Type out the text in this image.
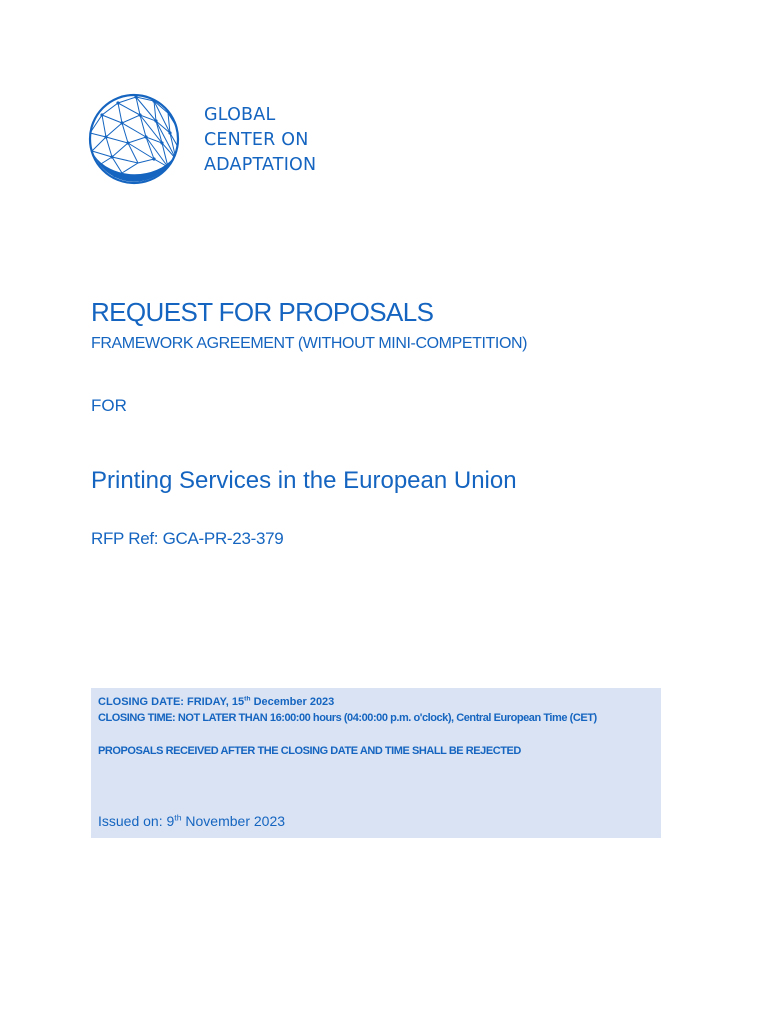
GLOBAL
CENTER ON
ADAPTATION
REQUEST FOR PROPOSALS
FRAMEWORK AGREEMENT (WITHOUT MINI-COMPETITION)
FOR
Printing Services in the European Union
RFP Ref: GCA-PR-23-379
CLOSING DATE: FRIDAY, 15th December 2023
CLOSING TIME: NOT LATER THAN 16:00:00 hours (04:00:00 p.m. o'clock), Central European Time (CET)
PROPOSALS RECEIVED AFTER THE CLOSING DATE AND TIME SHALL BE REJECTED
Issued on: 9th November 2023
